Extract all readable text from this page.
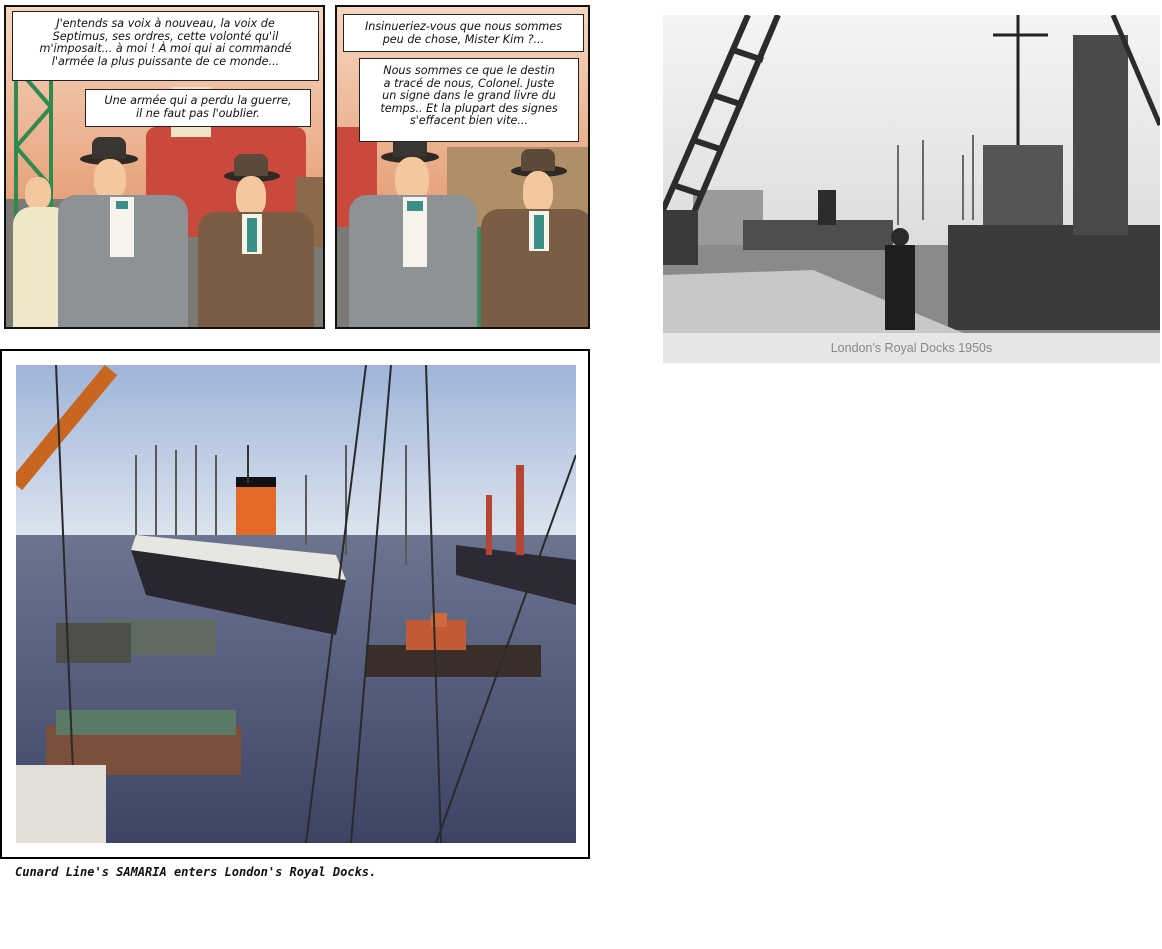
J'entends sa voix à nouveau, la voix de
Septimus, ses ordres, cette volonté qu'il
m'imposait... à moi ! À moi qui ai commandé
l'armée la plus puissante de ce monde...
Une armée qui a perdu la guerre,
il ne faut pas l'oublier.
Insinueriez-vous que nous sommes
peu de chose, Mister Kim ?...
Nous sommes ce que le destin
a tracé de nous, Colonel. Juste
un signe dans le grand livre du
temps.. Et la plupart des signes
s'effacent bien vite...
Cunard Line's SAMARIA enters London's Royal Docks.
London's Royal Docks 1950s
